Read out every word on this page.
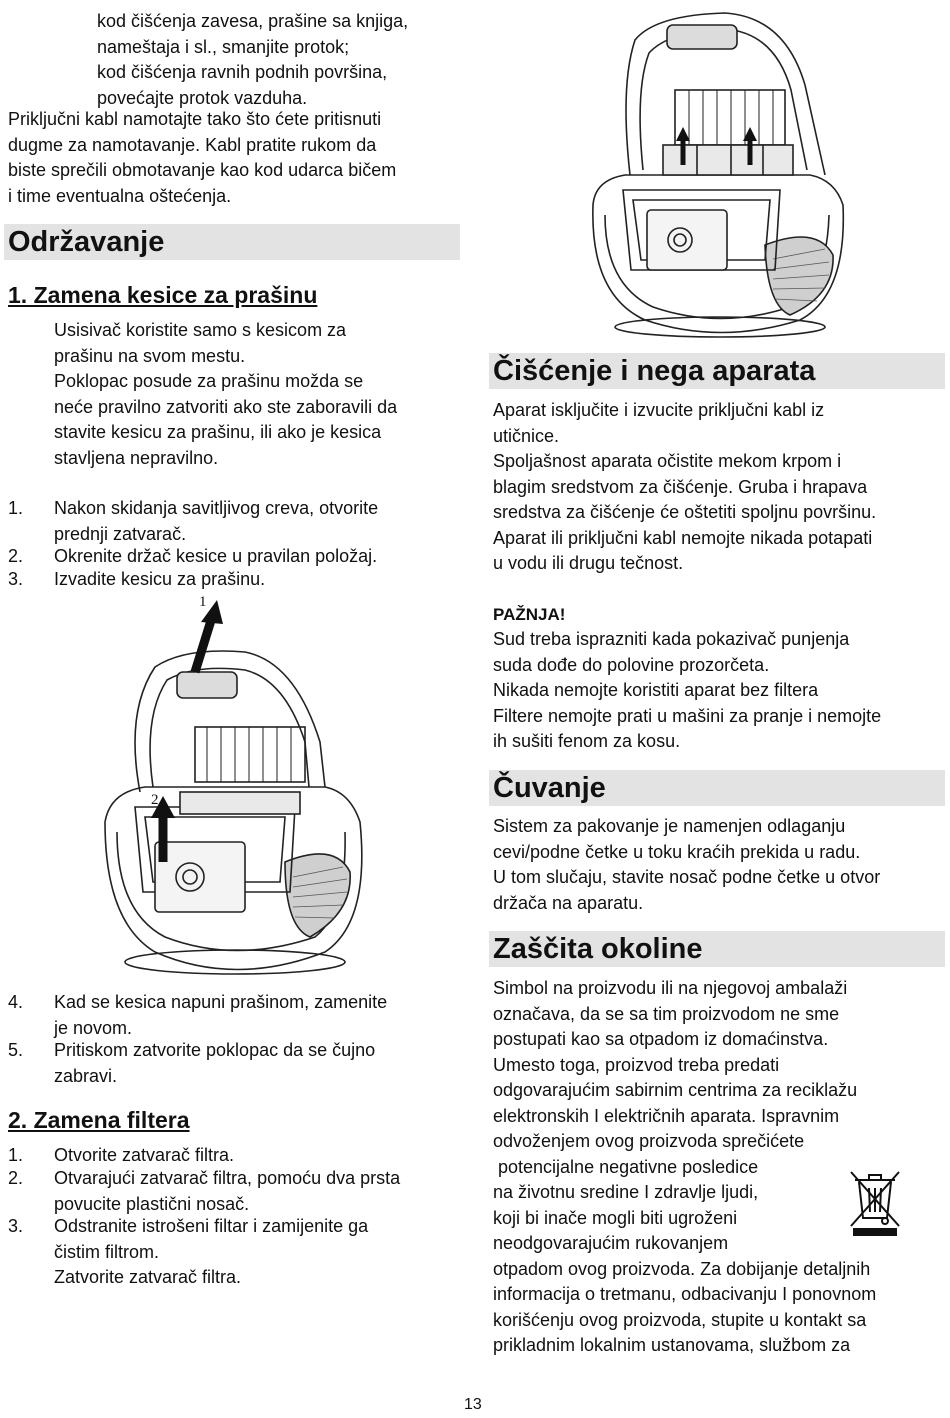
kod čišćenja zavesa, prašine sa knjiga,
nameštaja i sl., smanjite protok;
kod čišćenja ravnih podnih površina,
povećajte protok vazduha.
Priključni kabl namotajte tako što ćete pritisnuti
dugme za namotavanje. Kabl pratite rukom da
biste sprečili obmotavanje kao kod udarca bičem
i time eventualna oštećenja.
Održavanje
1. Zamena kesice za prašinu
Usisivač koristite samo s kesicom za
prašinu na svom mestu.
Poklopac posude za prašinu možda se
neće pravilno zatvoriti ako ste zaboravili da
stavite kesicu za prašinu, ili ako je kesica
stavljena nepravilno.
1.	Nakon skidanja savitljivog creva, otvorite
prednji zatvarač.
2.	Okrenite držač kesice u pravilan položaj.
3.	Izvadite kesicu za prašinu.
1
2
4.	Kad se kesica napuni prašinom, zamenite
je novom.
5.	Pritiskom zatvorite poklopac da se čujno
zabravi.
2. Zamena filtera
1.	Otvorite zatvarač filtra.
2.	Otvarajući zatvarač filtra, pomoću dva prsta
povucite plastični nosač.
3.	Odstranite istrošeni filtar i zamijenite ga
čistim filtrom.
Zatvorite zatvarač filtra.
Čišćenje i nega aparata
Aparat isključite i izvucite priključni kabl iz
utičnice.
Spoljašnost aparata očistite mekom krpom i
blagim sredstvom za čišćenje. Gruba i hrapava
sredstva za čišćenje će oštetiti spoljnu površinu.
Aparat ili priključni kabl nemojte nikada potapati
u vodu ili drugu tečnost.
PAŽNJA!
Sud treba isprazniti kada pokazivač punjenja
suda dođe do polovine prozorčeta.
Nikada nemojte koristiti aparat bez filtera
Filtere nemojte prati u mašini za pranje i nemojte
ih sušiti fenom za kosu.
Čuvanje
Sistem za pakovanje je namenjen odlaganju
cevi/podne četke u toku kraćih prekida u radu.
U tom slučaju, stavite nosač podne četke u otvor
držača na aparatu.
Zaščita okoline
Simbol na proizvodu ili na njegovoj ambalaži
označava, da se sa tim proizvodom ne sme
postupati kao sa otpadom iz domaćinstva.
Umesto toga, proizvod treba predati
odgovarajućim sabirnim centrima za reciklažu
elektronskih I električnih aparata. Ispravnim
odvoženjem ovog proizvoda sprečićete
potencijalne negativne posledice
na životnu sredine I zdravlje ljudi,
koji bi inače mogli biti ugroženi
neodgovarajućim rukovanjem
otpadom ovog proizvoda. Za dobijanje detaljnih
informacija o tretmanu, odbacivanju I ponovnom
korišćenju ovog proizvoda, stupite u kontakt sa
prikladnim lokalnim ustanovama, službom za
13
